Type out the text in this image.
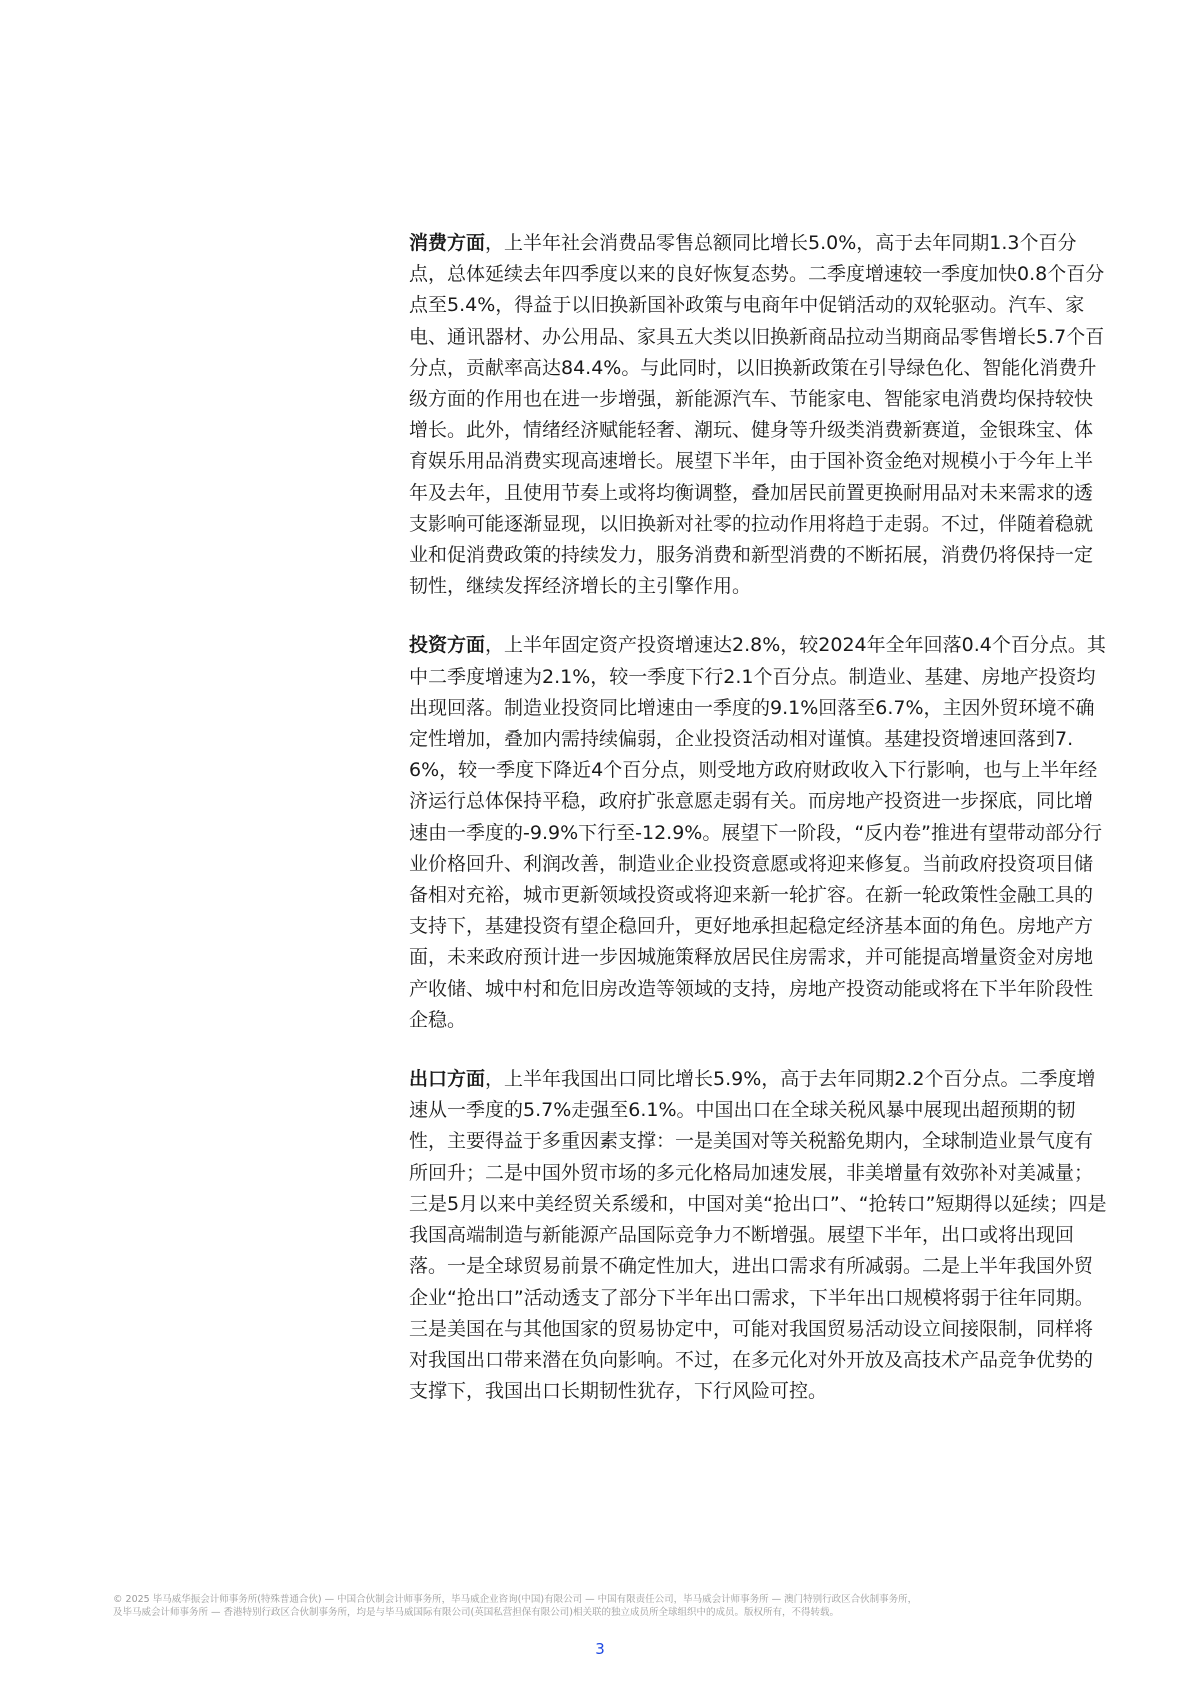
消费方面，上半年社会消费品零售总额同比增长5.0%，高于去年同期1.3个百分点，总体延续去年四季度以来的良好恢复态势。二季度增速较一季度加快0.8个百分点至5.4%，得益于以旧换新国补政策与电商年中促销活动的双轮驱动。汽车、家电、通讯器材、办公用品、家具五大类以旧换新商品拉动当期商品零售增长5.7个百分点，贡献率高达84.4%。与此同时，以旧换新政策在引导绿色化、智能化消费升级方面的作用也在进一步增强，新能源汽车、节能家电、智能家电消费均保持较快增长。此外，情绪经济赋能轻奢、潮玩、健身等升级类消费新赛道，金银珠宝、体育娱乐用品消费实现高速增长。展望下半年，由于国补资金绝对规模小于今年上半年及去年，且使用节奏上或将均衡调整，叠加居民前置更换耐用品对未来需求的透支影响可能逐渐显现，以旧换新对社零的拉动作用将趋于走弱。不过，伴随着稳就业和促消费政策的持续发力，服务消费和新型消费的不断拓展，消费仍将保持一定韧性，继续发挥经济增长的主引擎作用。

投资方面，上半年固定资产投资增速达2.8%，较2024年全年回落0.4个百分点。其中二季度增速为2.1%，较一季度下行2.1个百分点。制造业、基建、房地产投资均出现回落。制造业投资同比增速由一季度的9.1%回落至6.7%，主因外贸环境不确定性增加，叠加内需持续偏弱，企业投资活动相对谨慎。基建投资增速回落到7.6%，较一季度下降近4个百分点，则受地方政府财政收入下行影响，也与上半年经济运行总体保持平稳，政府扩张意愿走弱有关。而房地产投资进一步探底，同比增速由一季度的-9.9%下行至-12.9%。展望下一阶段，“反内卷”推进有望带动部分行业价格回升、利润改善，制造业企业投资意愿或将迎来修复。当前政府投资项目储备相对充裕，城市更新领域投资或将迎来新一轮扩容。在新一轮政策性金融工具的支持下，基建投资有望企稳回升，更好地承担起稳定经济基本面的角色。房地产方面，未来政府预计进一步因城施策释放居民住房需求，并可能提高增量资金对房地产收储、城中村和危旧房改造等领域的支持，房地产投资动能或将在下半年阶段性企稳。

出口方面，上半年我国出口同比增长5.9%，高于去年同期2.2个百分点。二季度增速从一季度的5.7%走强至6.1%。中国出口在全球关税风暴中展现出超预期的韧性，主要得益于多重因素支撑：一是美国对等关税豁免期内，全球制造业景气度有所回升；二是中国外贸市场的多元化格局加速发展，非美增量有效弥补对美减量；三是5月以来中美经贸关系缓和，中国对美“抢出口”、“抢转口”短期得以延续；四是我国高端制造与新能源产品国际竞争力不断增强。展望下半年，出口或将出现回落。一是全球贸易前景不确定性加大，进出口需求有所减弱。二是上半年我国外贸企业“抢出口”活动透支了部分下半年出口需求，下半年出口规模将弱于往年同期。三是美国在与其他国家的贸易协定中，可能对我国贸易活动设立间接限制，同样将对我国出口带来潜在负向影响。不过，在多元化对外开放及高技术产品竞争优势的支撑下，我国出口长期韧性犹存，下行风险可控。

© 2025 毕马威华振会计师事务所(特殊普通合伙) — 中国合伙制会计师事务所，毕马威企业咨询(中国)有限公司 — 中国有限责任公司，毕马威会计师事务所 — 澳门特别行政区合伙制事务所，

及毕马威会计师事务所 — 香港特别行政区合伙制事务所，均是与毕马威国际有限公司(英国私营担保有限公司)相关联的独立成员所全球组织中的成员。版权所有，不得转载。

3
